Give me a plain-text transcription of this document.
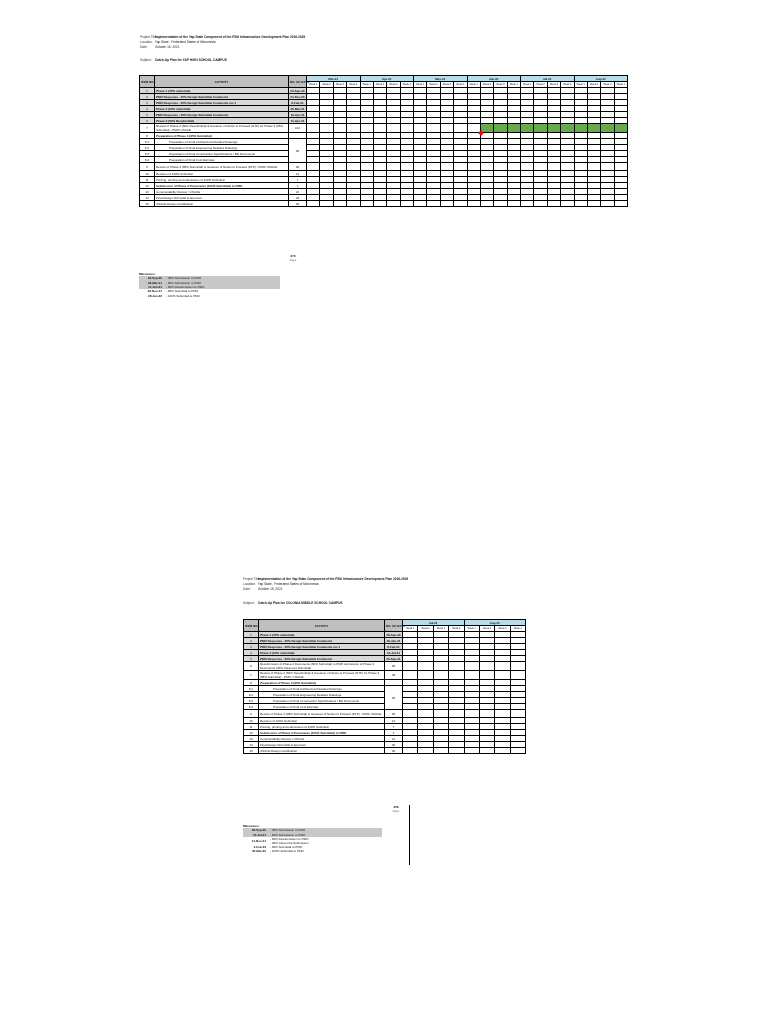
Project Title: Implementation of the Yap State Component of the FSM Infrastructure Development Plan 2016-2025
Location: Yap State , Federated States of Micronesia
Date: October 15, 2021
Subject: Catch-Up Plan for YAP HIGH SCHOOL CAMPUS
ITEM NO.	ACTIVITY	NO. OF DAYS	Mar-21				Apr-21				May-21				Jun-21				Jul-21				Aug-21			
			Week 1	Week 2	Week 3	Week 4	Week 1	Week 2	Week 3	Week 4	Week 1	Week 2	Week 3	Week 4	Week 1	Week 2	Week 3	Week 4	Week 1	Week 2	Week 3	Week 4	Week 1	Week 2	Week 3	Week 4
1	Phase 1 (35% submittal)	23-Sep-20																								
2	PMO Response - 35% Design Submittal Comments	21-Dec-20																								
3	PMO Response - 35% Design Submittal Comments rev 1	8-Feb-21																								
4	Phase 2 (60% submittal)	26-Mar-21																								
5	PMO Response - 60% Design Submittal Comments	12-Apr-21																								
6	Phase 2 (60% Resubmittal)	11-Jun-21																								
7	Review of Phase 2 (60% Resubmittal) & Issuance of Notice to Proceed (NTP) for Phase 3 (95% Submittal) - PMO/ USACE	101																								
8	Preparation of Phase 3 (95% Submittal)																									
8.1	Preparation of Final Architectural Detailed Drawings	30																								
8.2	Preparation of Final Engineering Detailed Drawings																									
8.3	Preparation of Final Construction Specifications / Bid Documents																									
8.4	Preparation of Final Cost Estimate																									
9	Review of Phase 3 (95% Submittal) & Issuance of Notice to Proceed (NTP) - PMO/ USACE	30																								
10	Revision of 100% Submittal	14																								
11	Printing, printing and submission of 100% Submittal	7																								
12	Submission of Phase 3 Documents (100% Submittal) to PMO	1																								
13	Constructability Review / USACE	21																								
14	Final Design Submittal & Approval	30																								
15	USACE Design Certification	30																								
270
Days
Milestones:
23-Sep-20	- 35% Submission to PMO
26-Mar-21	- 60% Submission to PMO
11-Jun-21	- 60% Resubmission to PMO
29-Nov-21	- 95% Submittal to PMO
28-Jan-22	- 100% Submittal to PMO
Project Title: Implementation of the Yap State Component of the FSM Infrastructure Development Plan 2016-2025
Location: Yap State , Federated States of Micronesia
Date: October 15, 2021
Subject: Catch-Up Plan for COLONIA MIDDLE SCHOOL CAMPUS
ITEM NO.	ACTIVITY	NO. OF DAYS	Jul-21				Aug-21			
			Week 1	Week 2	Week 3	Week 4	Week 1	Week 2	Week 3	Week 4
1	Phase 1 (35% submittal)	28-Sep-20								
2	PMO Response - 35% Design Submittal Comments	29-Jan-21								
3	PMO Response - 35% Design Submittal Comments rev 1	8-Feb-21								
4	Phase 2 (60% submittal)	15-Jul-21								
5	PMO Response - 60% Design Submittal Comments	30-Sep-21								
6	Resubmission of Phase 2 Documents (60% Submittal) to PMO submission of Phase 3 Documents (30% Clean-out Submittal)	30								
7	Review of Phase 2 (60% Resubmittal) & Issuance of Notice to Proceed (NTP) for Phase 3 (95% Submittal) - PMO / USACE	45								
8	Preparation of Phase 3 (95% Submittal)									
8.1	Preparation of Final Architectural Detailed Drawings	30								
8.2	Preparation of Final Engineering Detailed Drawings									
8.3	Preparation of Final Construction Specifications / Bid Documents									
8.4	Preparation of Final Cost Estimate									
9	Review of Phase 3 (95% Submittal) & Issuance of Notice to Proceed (NTP) - PMO/ USACE	30								
10	Revision of 100% Submittal	14								
11	Printing, printing and submission of 100% Submittal	7								
12	Submission of Phase 3 Documents (100% Submittal) to PMO	1								
13	Constructability Review / USACE	21								
14	Final Design Submittal & Approval	30								
15	USACE Design Certification	30								
258
Days
Milestones:
28-Sep-20	- 35% Submission to PMO
15-Jul-21	- 60% Submission to PMO
14-Nov-21	- 60% Resubmission to PMO
- 30% Clean-Out Submission
4-Feb-22	- 95% Submittal to PMO
30-Mar-22	- 100% Submittal to PMO
